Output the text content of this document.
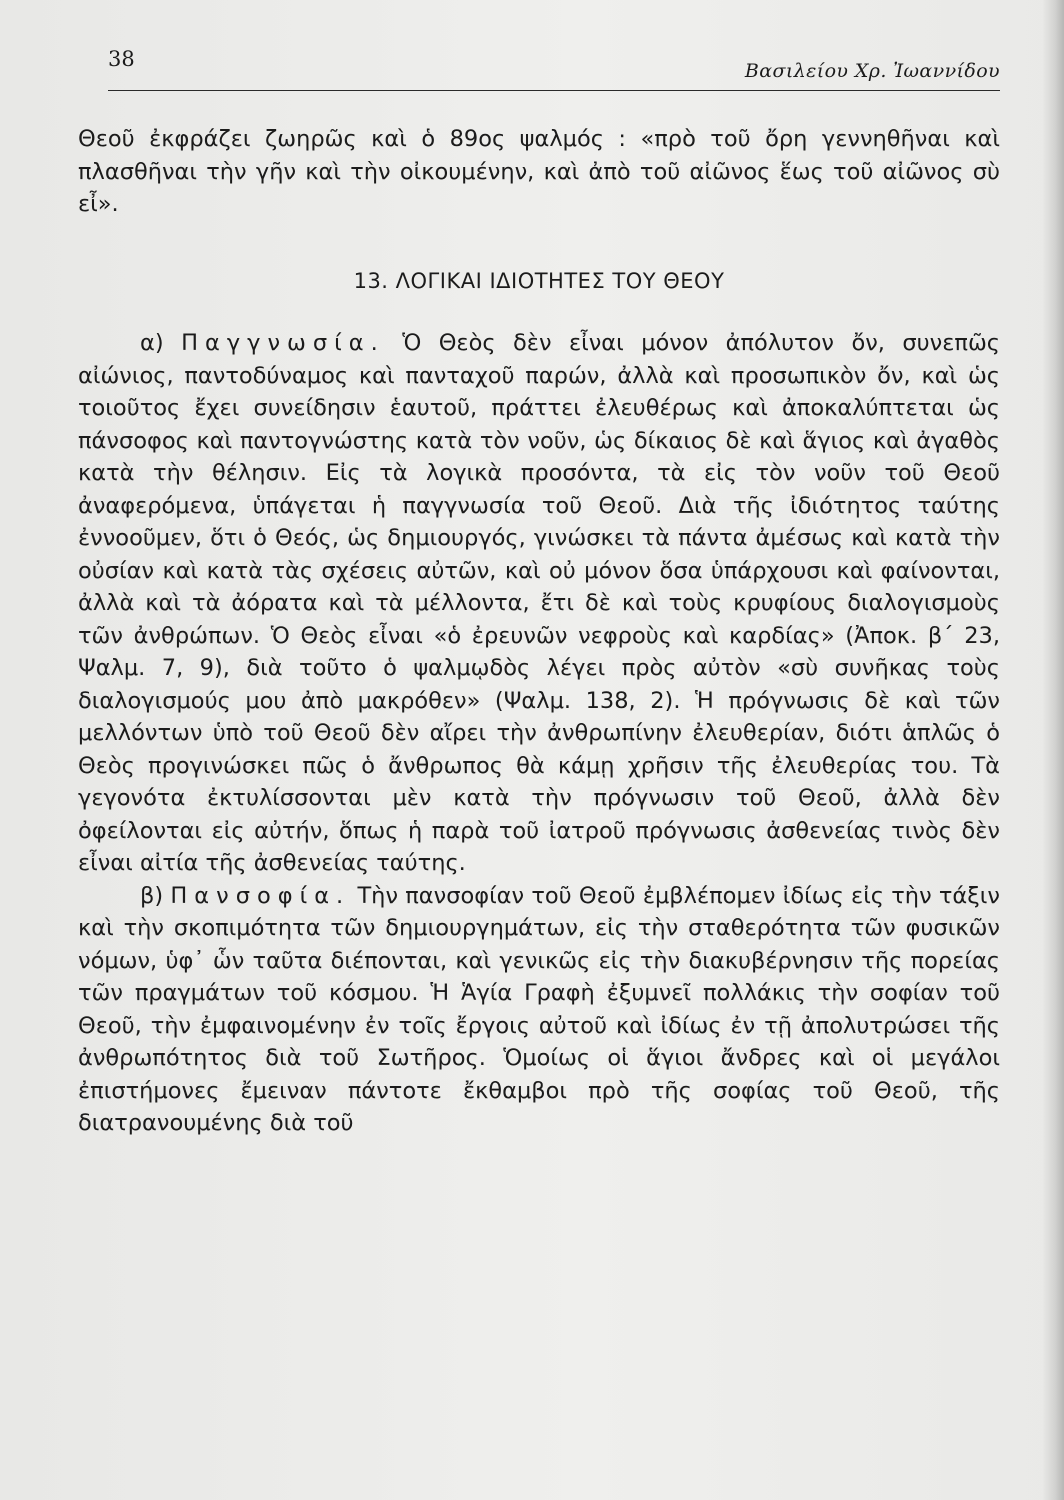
38	Βασιλείου Χρ. Ἰωαννίδου

Θεοῦ ἐκφράζει ζωηρῶς καὶ ὁ 89ος ψαλμός : «πρὸ τοῦ ὄρη γεννηθῆναι καὶ πλασθῆναι τὴν γῆν καὶ τὴν οἰκουμένην, καὶ ἀπὸ τοῦ αἰῶνος ἕως τοῦ αἰῶνος σὺ εἶ».

13. ΛΟΓΙΚΑΙ ΙΔΙΟΤΗΤΕΣ ΤΟΥ ΘΕΟΥ

α) Παγγνωσία. Ὁ Θεὸς δὲν εἶναι μόνον ἀπόλυτον ὄν, συνεπῶς αἰώνιος, παντοδύναμος καὶ πανταχοῦ παρών, ἀλλὰ καὶ προσωπικὸν ὄν, καὶ ὡς τοιοῦτος ἔχει συνείδησιν ἑαυτοῦ, πράττει ἐλευθέρως καὶ ἀποκαλύπτεται ὡς πάνσοφος καὶ παντογνώστης κατὰ τὸν νοῦν, ὡς δίκαιος δὲ καὶ ἅγιος καὶ ἀγαθὸς κατὰ τὴν θέλησιν. Εἰς τὰ λογικὰ προσόντα, τὰ εἰς τὸν νοῦν τοῦ Θεοῦ ἀναφερόμενα, ὑπάγεται ἡ παγγνωσία τοῦ Θεοῦ. Διὰ τῆς ἰδιότητος ταύτης ἐννοοῦμεν, ὅτι ὁ Θεός, ὡς δημιουργός, γινώσκει τὰ πάντα ἀμέσως καὶ κατὰ τὴν οὐσίαν καὶ κατὰ τὰς σχέσεις αὐτῶν, καὶ οὐ μόνον ὅσα ὑπάρχουσι καὶ φαίνονται, ἀλλὰ καὶ τὰ ἀόρατα καὶ τὰ μέλλοντα, ἔτι δὲ καὶ τοὺς κρυφίους διαλογισμοὺς τῶν ἀνθρώπων. Ὁ Θεὸς εἶναι «ὁ ἐρευνῶν νεφροὺς καὶ καρδίας» (Ἀποκ. β΄ 23, Ψαλμ. 7, 9), διὰ τοῦτο ὁ ψαλμῳδὸς λέγει πρὸς αὐτὸν «σὺ συνῆκας τοὺς διαλογισμούς μου ἀπὸ μακρόθεν» (Ψαλμ. 138, 2). Ἡ πρόγνωσις δὲ καὶ τῶν μελλόντων ὑπὸ τοῦ Θεοῦ δὲν αἴρει τὴν ἀνθρωπίνην ἐλευθερίαν, διότι ἁπλῶς ὁ Θεὸς προγινώσκει πῶς ὁ ἄνθρωπος θὰ κάμῃ χρῆσιν τῆς ἐλευθερίας του. Τὰ γεγονότα ἐκτυλίσσονται μὲν κατὰ τὴν πρόγνωσιν τοῦ Θεοῦ, ἀλλὰ δὲν ὀφείλονται εἰς αὐτήν, ὅπως ἡ παρὰ τοῦ ἰατροῦ πρόγνωσις ἀσθενείας τινὸς δὲν εἶναι αἰτία τῆς ἀσθενείας ταύτης.

β) Πανσοφία. Τὴν πανσοφίαν τοῦ Θεοῦ ἐμβλέπομεν ἰδίως εἰς τὴν τάξιν καὶ τὴν σκοπιμότητα τῶν δημιουργημάτων, εἰς τὴν σταθερότητα τῶν φυσικῶν νόμων, ὑφ᾽ ὧν ταῦτα διέπονται, καὶ γενικῶς εἰς τὴν διακυβέρνησιν τῆς πορείας τῶν πραγμάτων τοῦ κόσμου. Ἡ Ἁγία Γραφὴ ἐξυμνεῖ πολλάκις τὴν σοφίαν τοῦ Θεοῦ, τὴν ἐμφαινομένην ἐν τοῖς ἔργοις αὐτοῦ καὶ ἰδίως ἐν τῇ ἀπολυτρώσει τῆς ἀνθρωπότητος διὰ τοῦ Σωτῆρος. Ὁμοίως οἱ ἅγιοι ἄνδρες καὶ οἱ μεγάλοι ἐπιστήμονες ἔμειναν πάντοτε ἔκθαμβοι πρὸ τῆς σοφίας τοῦ Θεοῦ, τῆς διατρανουμένης διὰ τοῦ
